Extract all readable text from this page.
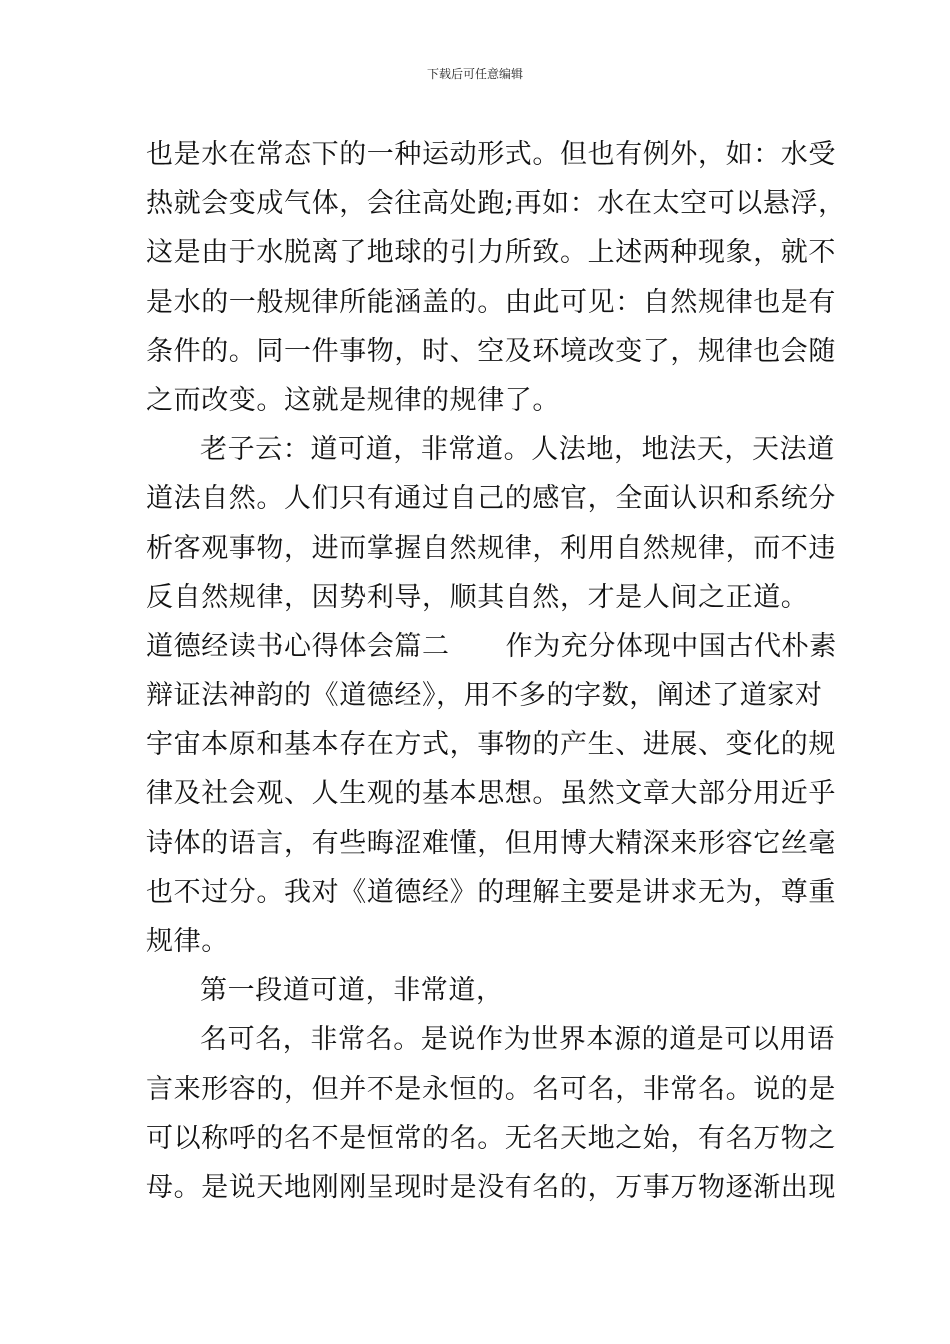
下载后可任意编辑
也是水在常态下的一种运动形式。但也有例外，如：水受
热就会变成气体，会往高处跑;再如：水在太空可以悬浮，
这是由于水脱离了地球的引力所致。上述两种现象，就不
是水的一般规律所能涵盖的。由此可见：自然规律也是有
条件的。同一件事物，时、空及环境改变了，规律也会随
之而改变。这就是规律的规律了。
老子云：道可道，非常道。人法地，地法天，天法道
道法自然。人们只有通过自己的感官，全面认识和系统分
析客观事物，进而掌握自然规律，利用自然规律，而不违
反自然规律，因势利导，顺其自然，才是人间之正道。
道德经读书心得体会篇二 作为充分体现中国古代朴素
辩证法神韵的《道德经》，用不多的字数，阐述了道家对
宇宙本原和基本存在方式，事物的产生、进展、变化的规
律及社会观、人生观的基本思想。虽然文章大部分用近乎
诗体的语言，有些晦涩难懂，但用博大精深来形容它丝毫
也不过分。我对《道德经》的理解主要是讲求无为，尊重
规律。
第一段道可道，非常道，
名可名，非常名。是说作为世界本源的道是可以用语
言来形容的，但并不是永恒的。名可名，非常名。说的是
可以称呼的名不是恒常的名。无名天地之始，有名万物之
母。是说天地刚刚呈现时是没有名的，万事万物逐渐出现
